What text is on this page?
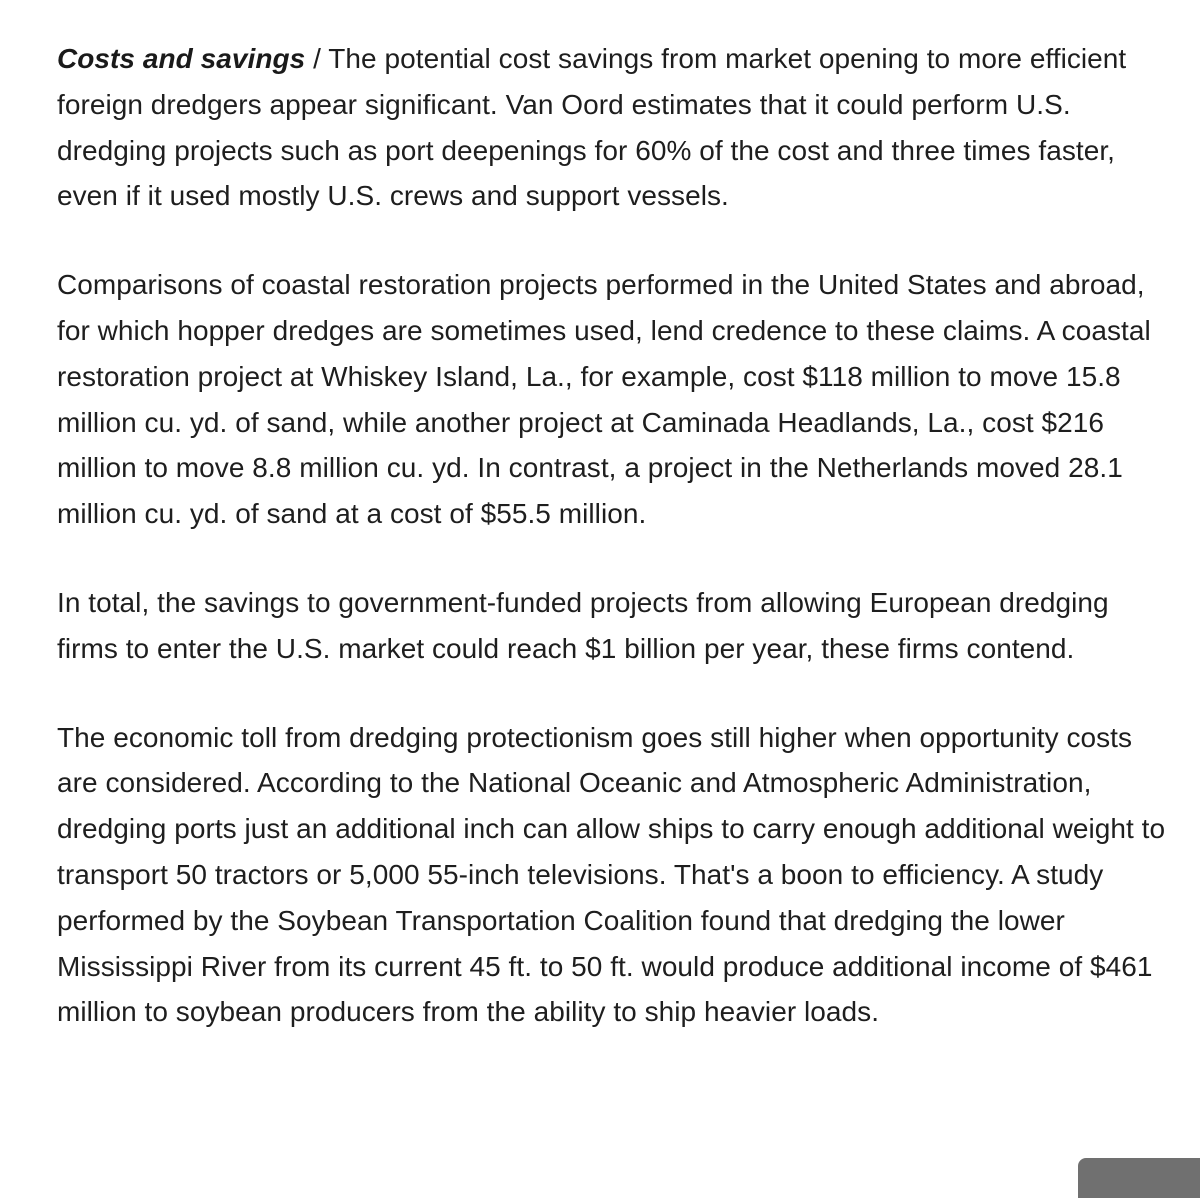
Costs and savings / The potential cost savings from market opening to more efficient foreign dredgers appear significant. Van Oord estimates that it could perform U.S. dredging projects such as port deepenings for 60% of the cost and three times faster, even if it used mostly U.S. crews and support vessels.

Comparisons of coastal restoration projects performed in the United States and abroad, for which hopper dredges are sometimes used, lend credence to these claims. A coastal restoration project at Whiskey Island, La., for example, cost $118 million to move 15.8 million cu. yd. of sand, while another project at Caminada Headlands, La., cost $216 million to move 8.8 million cu. yd. In contrast, a project in the Netherlands moved 28.1 million cu. yd. of sand at a cost of $55.5 million.

In total, the savings to government-funded projects from allowing European dredging firms to enter the U.S. market could reach $1 billion per year, these firms contend.

The economic toll from dredging protectionism goes still higher when opportunity costs are considered. According to the National Oceanic and Atmospheric Administration, dredging ports just an additional inch can allow ships to carry enough additional weight to transport 50 tractors or 5,000 55-inch televisions. That's a boon to efficiency. A study performed by the Soybean Transportation Coalition found that dredging the lower Mississippi River from its current 45 ft. to 50 ft. would produce additional income of $461 million to soybean producers from the ability to ship heavier loads.
